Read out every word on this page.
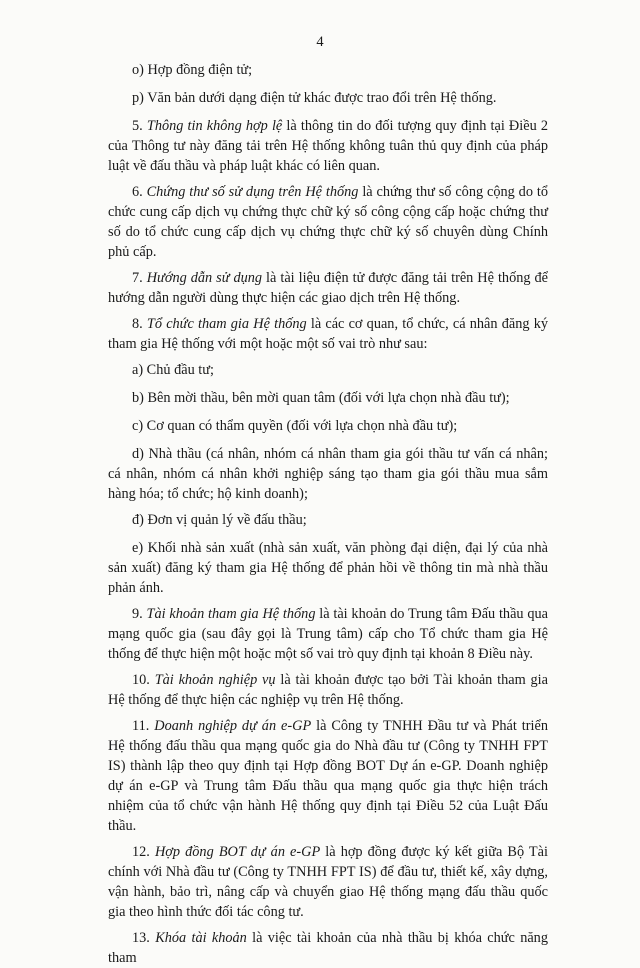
4

o) Hợp đồng điện tử;

p) Văn bản dưới dạng điện tử khác được trao đổi trên Hệ thống.

5. Thông tin không hợp lệ là thông tin do đối tượng quy định tại Điều 2 của Thông tư này đăng tải trên Hệ thống không tuân thủ quy định của pháp luật về đấu thầu và pháp luật khác có liên quan.

6. Chứng thư số sử dụng trên Hệ thống là chứng thư số công cộng do tổ chức cung cấp dịch vụ chứng thực chữ ký số công cộng cấp hoặc chứng thư số do tổ chức cung cấp dịch vụ chứng thực chữ ký số chuyên dùng Chính phủ cấp.

7. Hướng dẫn sử dụng là tài liệu điện tử được đăng tải trên Hệ thống để hướng dẫn người dùng thực hiện các giao dịch trên Hệ thống.

8. Tổ chức tham gia Hệ thống là các cơ quan, tổ chức, cá nhân đăng ký tham gia Hệ thống với một hoặc một số vai trò như sau:

a) Chủ đầu tư;

b) Bên mời thầu, bên mời quan tâm (đối với lựa chọn nhà đầu tư);

c) Cơ quan có thẩm quyền (đối với lựa chọn nhà đầu tư);

d) Nhà thầu (cá nhân, nhóm cá nhân tham gia gói thầu tư vấn cá nhân; cá nhân, nhóm cá nhân khởi nghiệp sáng tạo tham gia gói thầu mua sắm hàng hóa; tổ chức; hộ kinh doanh);

đ) Đơn vị quản lý về đấu thầu;

e) Khối nhà sản xuất (nhà sản xuất, văn phòng đại diện, đại lý của nhà sản xuất) đăng ký tham gia Hệ thống để phản hồi về thông tin mà nhà thầu phản ánh.

9. Tài khoản tham gia Hệ thống là tài khoản do Trung tâm Đấu thầu qua mạng quốc gia (sau đây gọi là Trung tâm) cấp cho Tổ chức tham gia Hệ thống để thực hiện một hoặc một số vai trò quy định tại khoản 8 Điều này.

10. Tài khoản nghiệp vụ là tài khoản được tạo bởi Tài khoản tham gia Hệ thống để thực hiện các nghiệp vụ trên Hệ thống.

11. Doanh nghiệp dự án e-GP là Công ty TNHH Đầu tư và Phát triển Hệ thống đấu thầu qua mạng quốc gia do Nhà đầu tư (Công ty TNHH FPT IS) thành lập theo quy định tại Hợp đồng BOT Dự án e-GP. Doanh nghiệp dự án e-GP và Trung tâm Đấu thầu qua mạng quốc gia thực hiện trách nhiệm của tổ chức vận hành Hệ thống quy định tại Điều 52 của Luật Đấu thầu.

12. Hợp đồng BOT dự án e-GP là hợp đồng được ký kết giữa Bộ Tài chính với Nhà đầu tư (Công ty TNHH FPT IS) để đầu tư, thiết kế, xây dựng, vận hành, bảo trì, nâng cấp và chuyển giao Hệ thống mạng đấu thầu quốc gia theo hình thức đối tác công tư.

13. Khóa tài khoản là việc tài khoản của nhà thầu bị khóa chức năng tham
